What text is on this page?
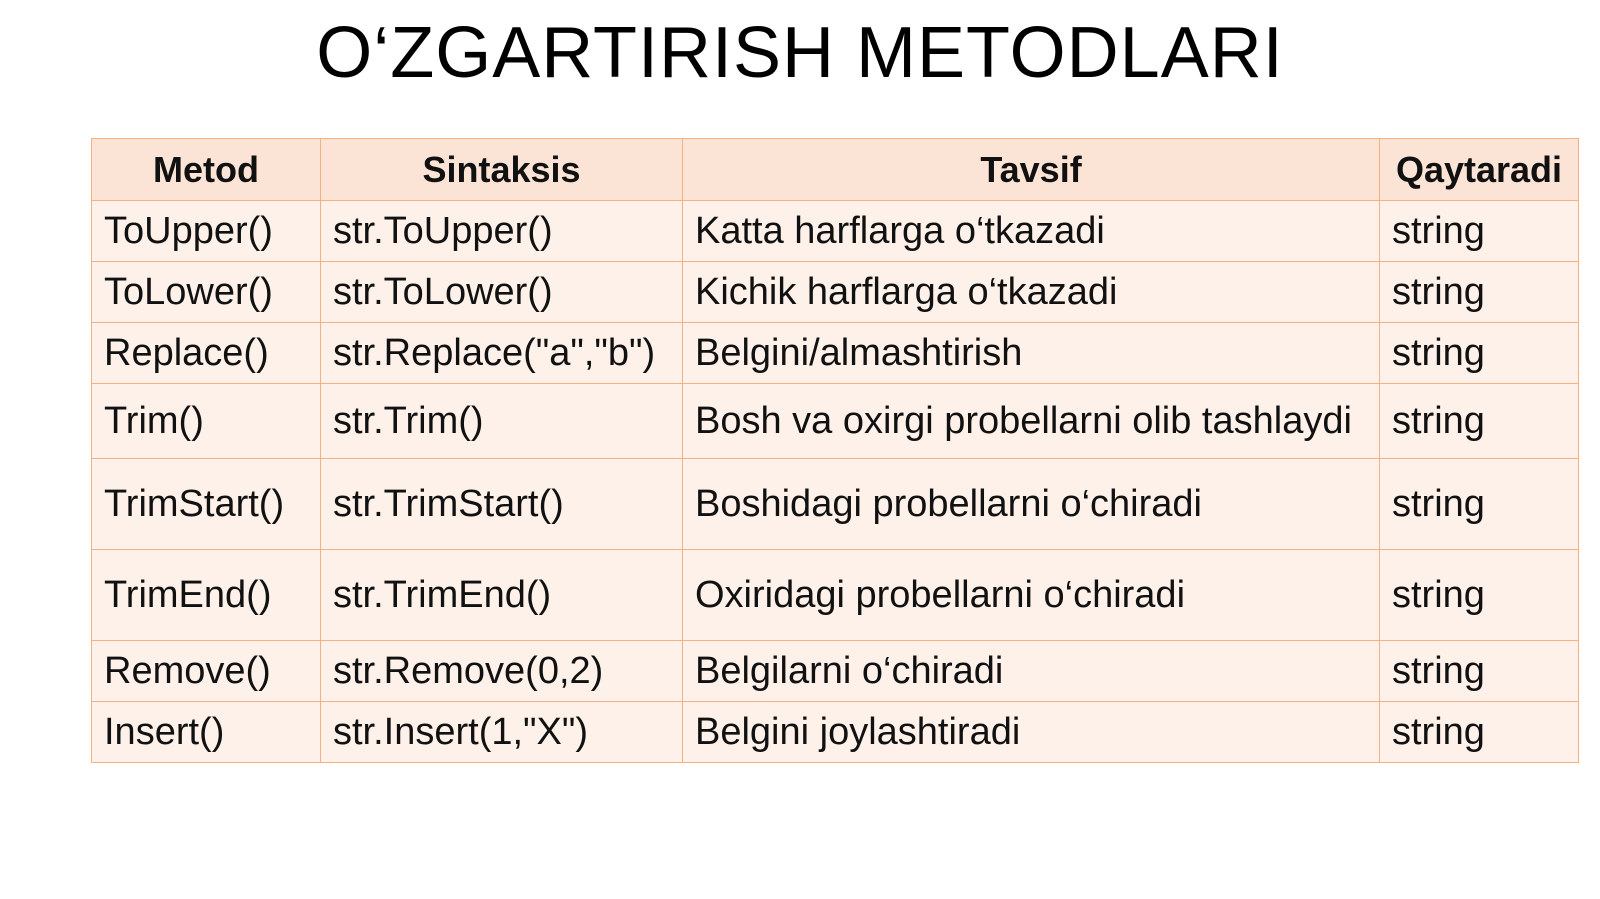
O‘ZGARTIRISH METODLARI
Metod	Sintaksis	Tavsif	Qaytaradi
ToUpper()	str.ToUpper()	Katta harflarga o‘tkazadi	string
ToLower()	str.ToLower()	Kichik harflarga o‘tkazadi	string
Replace()	str.Replace("a","b")	Belgini/almashtirish	string
Trim()	str.Trim()	Bosh va oxirgi probellarni olib tashlaydi	string
TrimStart()	str.TrimStart()	Boshidagi probellarni o‘chiradi	string
TrimEnd()	str.TrimEnd()	Oxiridagi probellarni o‘chiradi	string
Remove()	str.Remove(0,2)	Belgilarni o‘chiradi	string
Insert()	str.Insert(1,"X")	Belgini joylashtiradi	string
